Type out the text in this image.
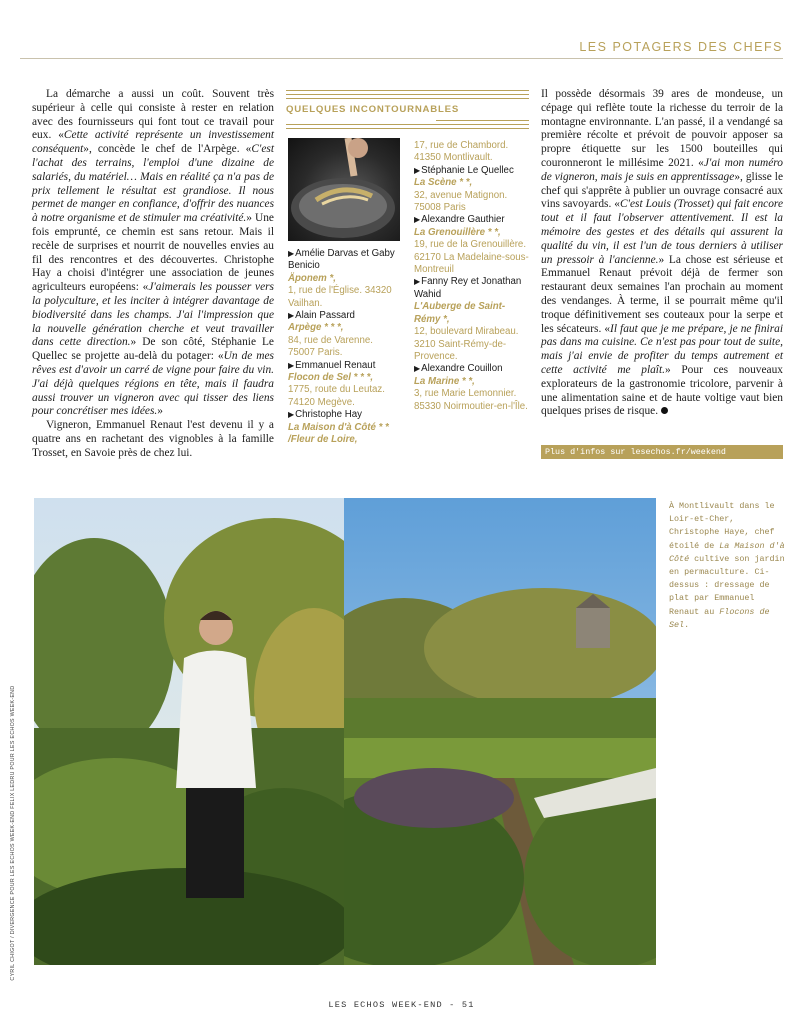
LES POTAGERS DES CHEFS

La démarche a aussi un coût. Souvent très supérieur à celle qui consiste à rester en relation avec des fournisseurs qui font tout ce travail pour eux. «Cette activité représente un investissement conséquent», concède le chef de l'Arpège. «C'est l'achat des terrains, l'emploi d'une dizaine de salariés, du matériel… Mais en réalité ça n'a pas de prix tellement le résultat est grandiose. Il nous permet de manger en confiance, d'offrir des nuances à notre organisme et de stimuler ma créativité.» Une fois emprunté, ce chemin est sans retour. Mais il recèle de surprises et nourrit de nouvelles envies au fil des rencontres et des découvertes. Christophe Hay a choisi d'intégrer une association de jeunes agriculteurs européens: «J'aimerais les pousser vers la polyculture, et les inciter à intégrer davantage de biodiversité dans les champs. J'ai l'impression que la nouvelle génération cherche et veut travailler dans cette direction.» De son côté, Stéphanie Le Quellec se projette au-delà du potager: «Un de mes rêves est d'avoir un carré de vigne pour faire du vin. J'ai déjà quelques régions en tête, mais il faudra aussi trouver un vigneron avec qui tisser des liens pour concrétiser mes idées.»

Vigneron, Emmanuel Renaut l'est devenu il y a quatre ans en rachetant des vignobles à la famille Trosset, en Savoie près de chez lui.

QUELQUES INCONTOURNABLES
▶Amélie Darvas et Gaby Benicio
Äponem *,
1, rue de l'Église. 34320 Vailhan.
▶Alain Passard
Arpège * * *,
84, rue de Varenne. 75007 Paris.
▶Emmanuel Renaut
Flocon de Sel * * *,
1775, route du Leutaz. 74120 Megève.
▶Christophe Hay
La Maison d'à Côté * * /Fleur de Loire,
17, rue de Chambord. 41350 Montlivault.
▶Stéphanie Le Quellec
La Scène * *,
32, avenue Matignon. 75008 Paris
▶Alexandre Gauthier
La Grenouillère * *,
19, rue de la Grenouillère. 62170 La Madelaine-sous-Montreuil
▶Fanny Rey et Jonathan Wahid
L'Auberge de Saint-Rémy *,
12, boulevard Mirabeau. 3210 Saint-Rémy-de-Provence.
▶Alexandre Couillon
La Marine * *,
3, rue Marie Lemonnier. 85330 Noirmoutier-en-l'Île.

Il possède désormais 39 ares de mondeuse, un cépage qui reflète toute la richesse du terroir de la montagne environnante. L'an passé, il a vendangé sa première récolte et prévoit de pouvoir apposer sa propre étiquette sur les 1500 bouteilles qui couronneront le millésime 2021. «J'ai mon numéro de vigneron, mais je suis en apprentissage», glisse le chef qui s'apprête à publier un ouvrage consacré aux vins savoyards. «C'est Louis (Trosset) qui fait encore tout et il faut l'observer attentivement. Il est la mémoire des gestes et des détails qui assurent la qualité du vin, il est l'un de tous derniers à utiliser un pressoir à l'ancienne.» La chose est sérieuse et Emmanuel Renaut prévoit déjà de fermer son restaurant deux semaines l'an prochain au moment des vendanges. À terme, il se pourrait même qu'il troque définitivement ses couteaux pour la serpe et les sécateurs. «Il faut que je me prépare, je ne finirai pas dans ma cuisine. Ce n'est pas pour tout de suite, mais j'ai envie de profiter du temps autrement et cette activité me plaît.» Pour ces nouveaux explorateurs de la gastronomie tricolore, parvenir à une alimentation saine et de haute voltige vaut bien quelques prises de risque.

Plus d'infos sur lesechos.fr/weekend
À Montlivault dans le Loir-et-Cher, Christophe Haye, chef étoilé de La Maison d'à Côté cultive son jardin en permaculture. Ci-dessus : dressage de plat par Emmanuel Renaut au Flocons de Sel.
CYRIL CHIGOT / DIVERGENCE POUR LES ECHOS WEEK-END FELIX LEDRU POUR LES ECHOS WEEK-END
LES ECHOS WEEK-END - 51
